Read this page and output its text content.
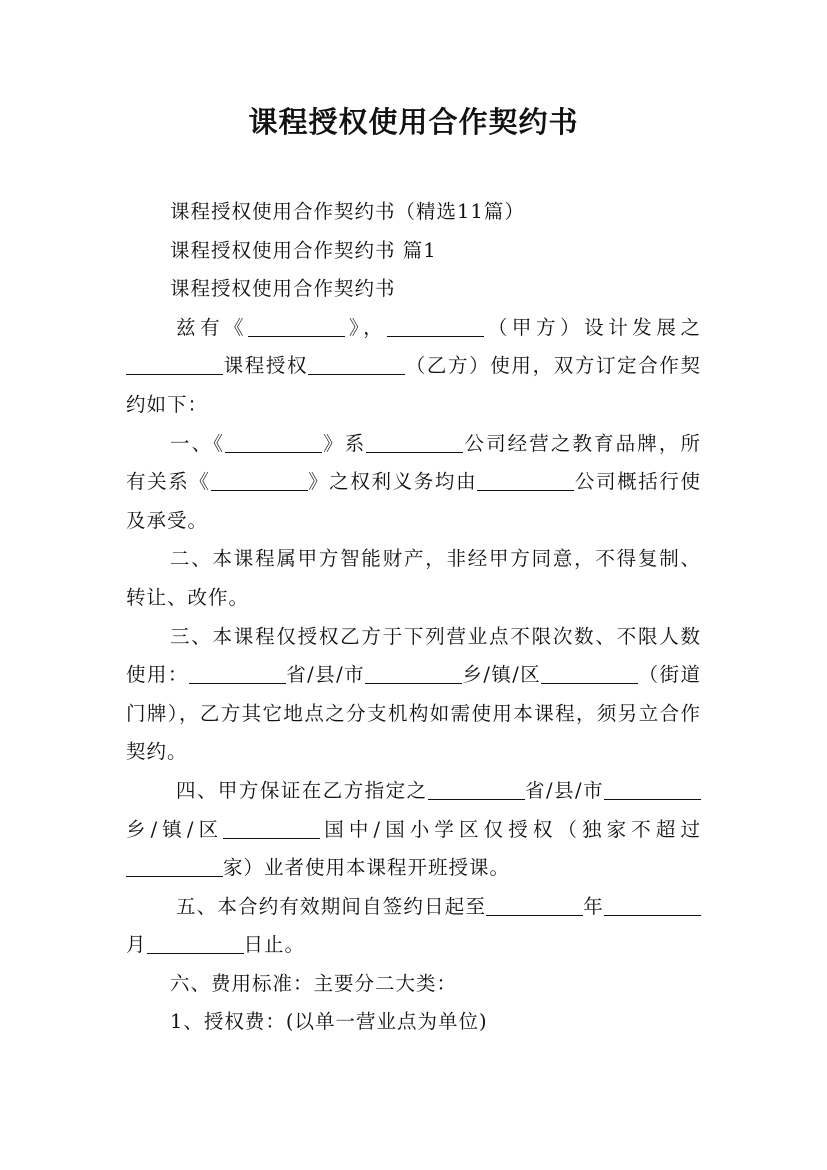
课程授权使用合作契约书

课程授权使用合作契约书（精选11篇）

课程授权使用合作契约书 篇1

课程授权使用合作契约书

兹有《	》，	（甲方）设计发展之课程授权	（乙方）使用，双方订定合作契约如下：

一、《	》系	公司经营之教育品牌，所有关系《	》之权利义务均由	公司概括行使及承受。

二、本课程属甲方智能财产，非经甲方同意，不得复制、转让、改作。

三、本课程仅授权乙方于下列营业点不限次数、不限人数使用：	省/县/市	乡/镇/区	（街道门牌），乙方其它地点之分支机构如需使用本课程，须另立合作契约。

四、甲方保证在乙方指定之	省/县/市乡/镇/区	国中/国小学区仅授权（独家不超过家）业者使用本课程开班授课。

五、本合约有效期间自签约日起至	年月	日止。

六、费用标准：主要分二大类：

1、授权费：(以单一营业点为单位)
